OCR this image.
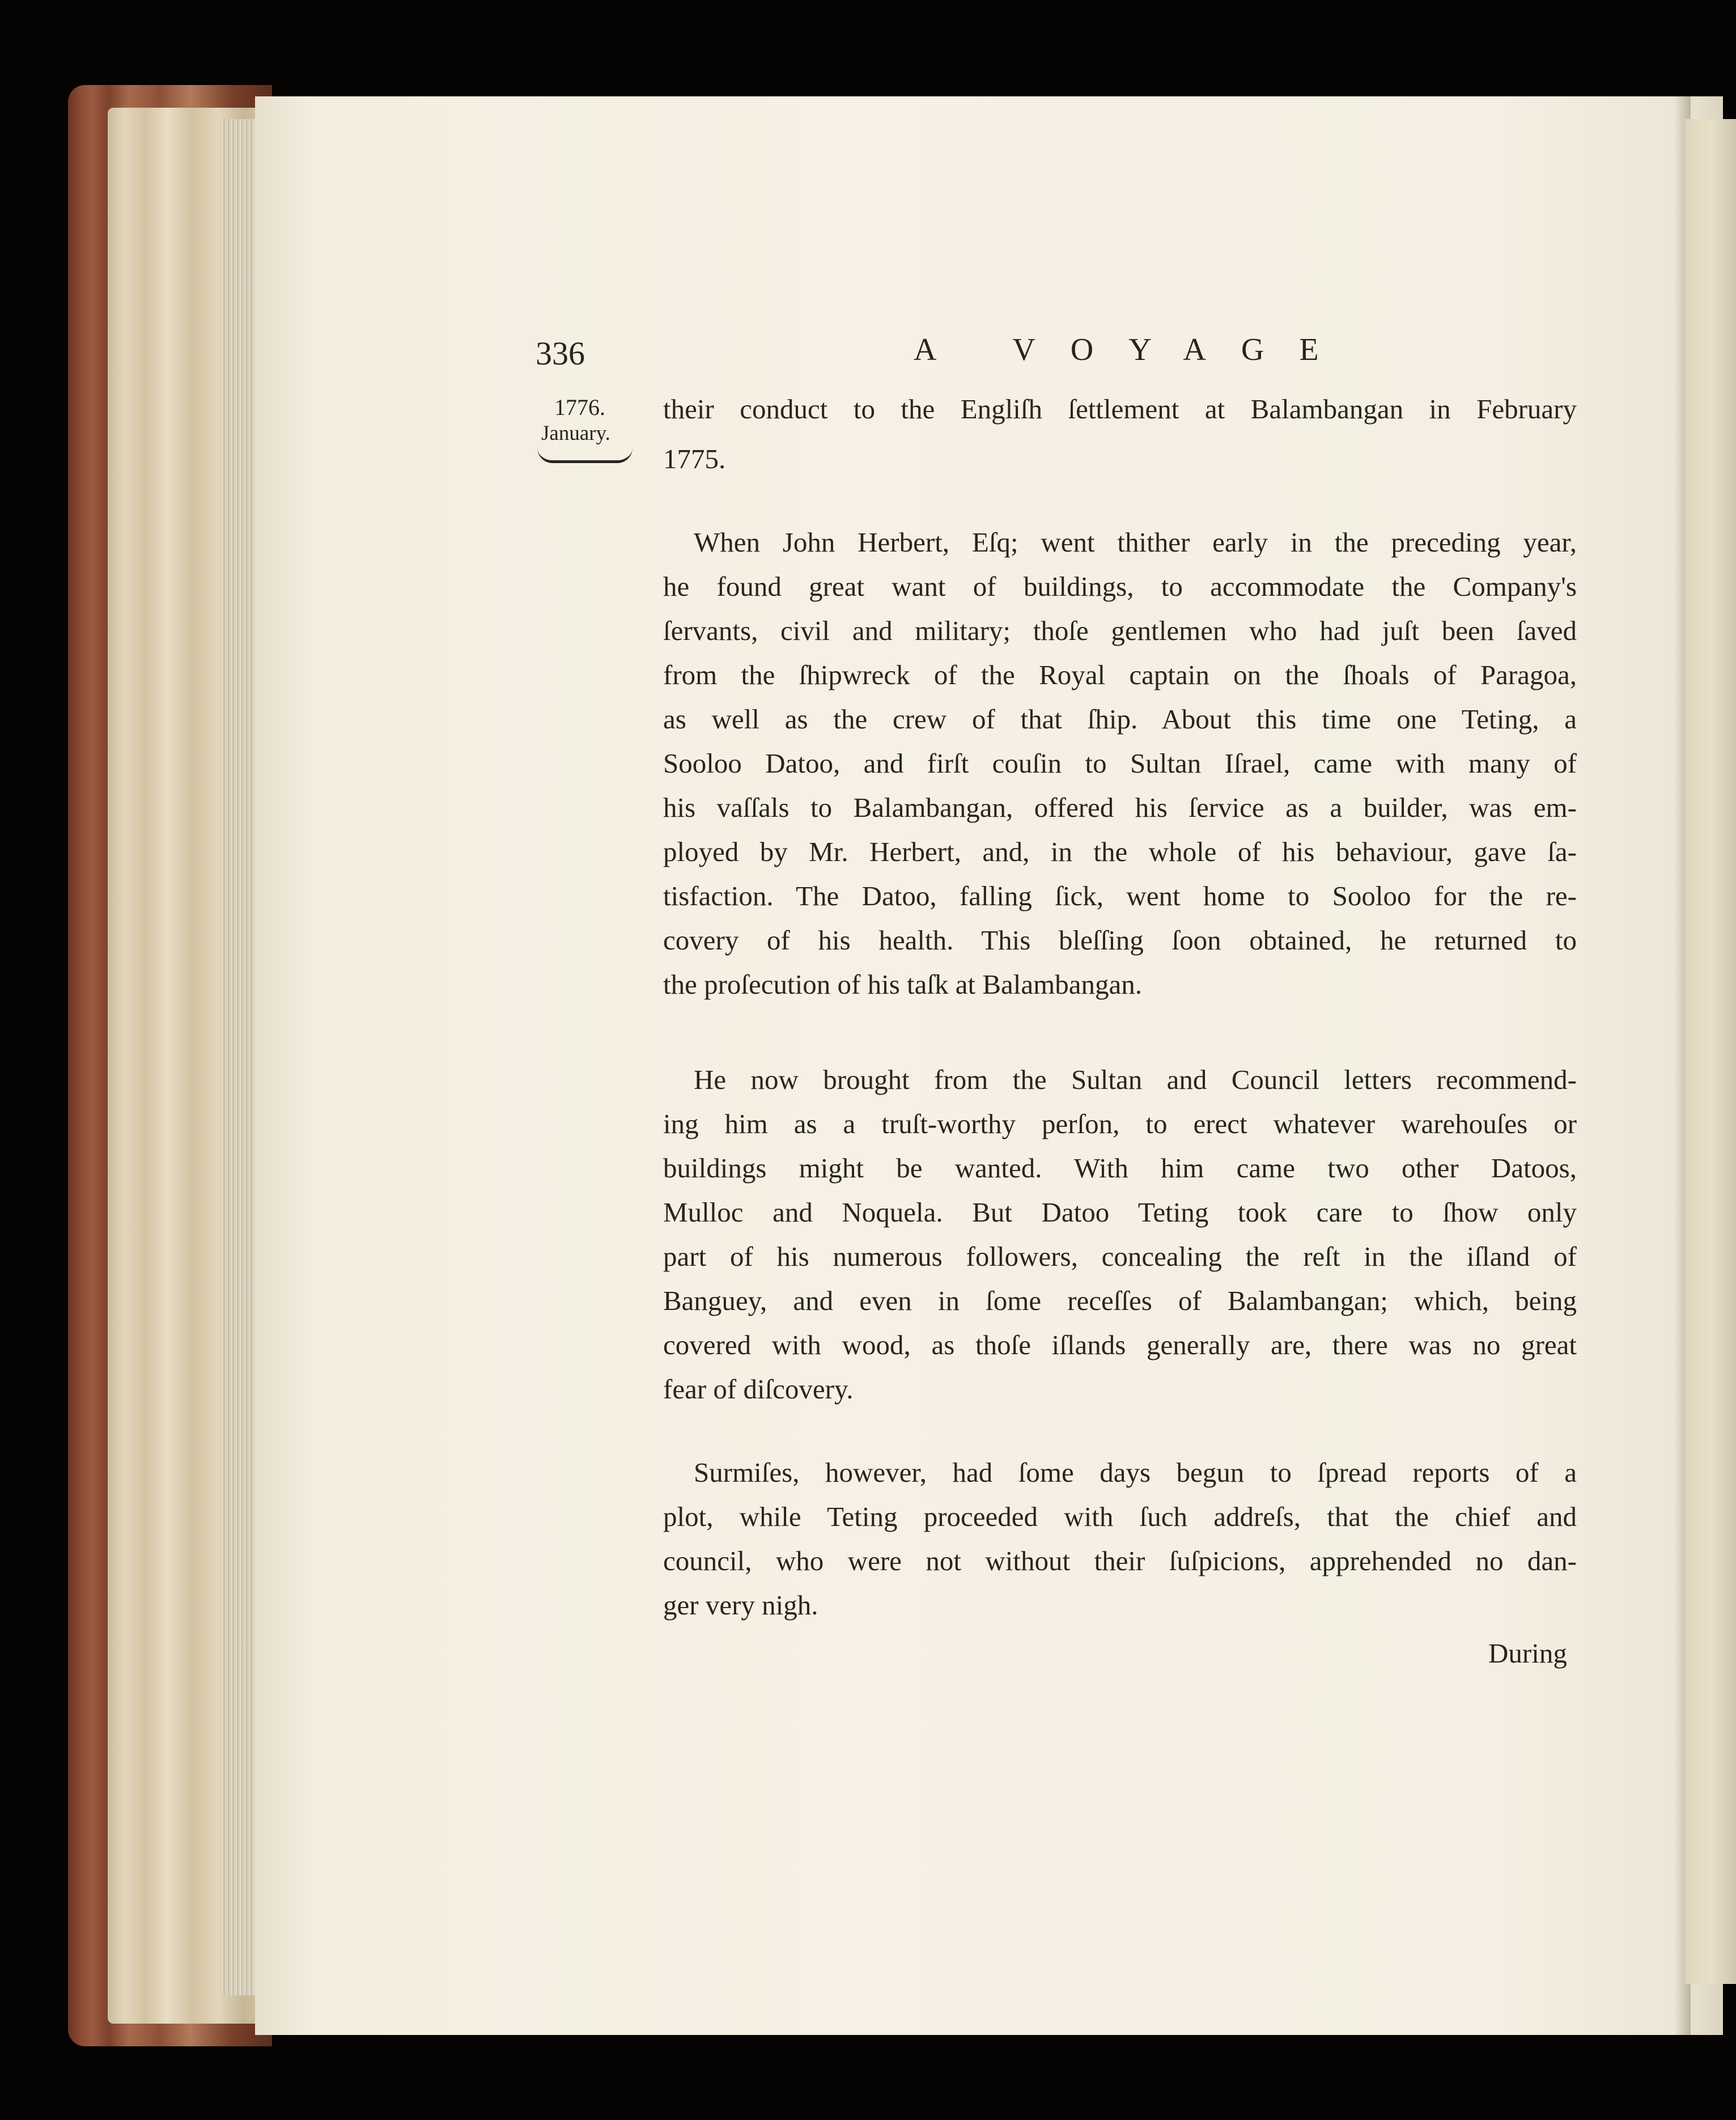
336	A VOYAGE
1776.
January.
their conduct to the Engliſh ſettlement at Balambangan in February
1775.
When John Herbert, Eſq; went thither early in the preceding year,
he found great want of buildings, to accommodate the Company's
ſervants, civil and military; thoſe gentlemen who had juſt been ſaved
from the ſhipwreck of the Royal captain on the ſhoals of Paragoa,
as well as the crew of that ſhip. About this time one Teting, a
Sooloo Datoo, and firſt couſin to Sultan Iſrael, came with many of
his vaſſals to Balambangan, offered his ſervice as a builder, was em-
ployed by Mr. Herbert, and, in the whole of his behaviour, gave ſa-
tisfaction. The Datoo, falling ſick, went home to Sooloo for the re-
covery of his health. This bleſſing ſoon obtained, he returned to
the proſecution of his taſk at Balambangan.
He now brought from the Sultan and Council letters recommend-
ing him as a truſt-worthy perſon, to erect whatever warehouſes or
buildings might be wanted. With him came two other Datoos,
Mulloc and Noquela. But Datoo Teting took care to ſhow only
part of his numerous followers, concealing the reſt in the iſland of
Banguey, and even in ſome receſſes of Balambangan; which, being
covered with wood, as thoſe iſlands generally are, there was no great
fear of diſcovery.
Surmiſes, however, had ſome days begun to ſpread reports of a
plot, while Teting proceeded with ſuch addreſs, that the chief and
council, who were not without their ſuſpicions, apprehended no dan-
ger very nigh.
During
